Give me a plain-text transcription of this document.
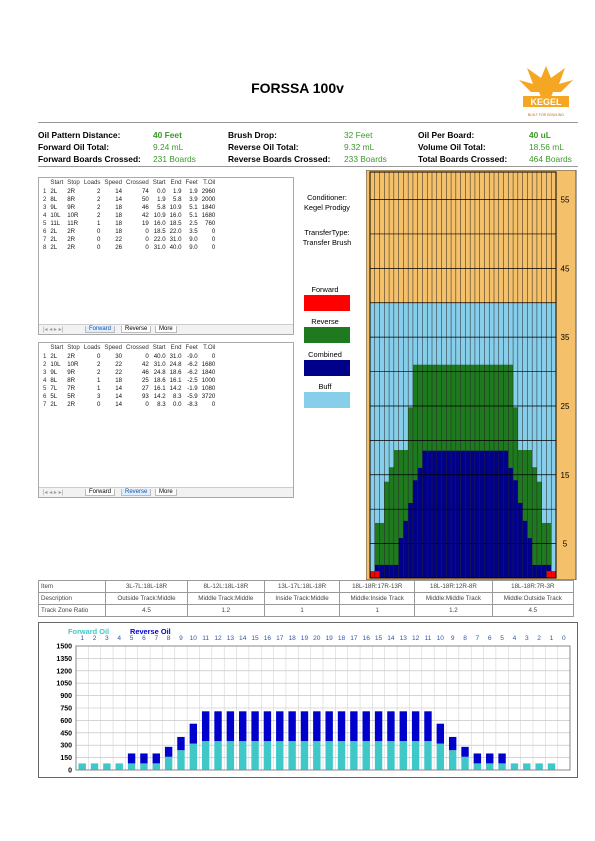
FORSSA 100v
KEGEL
BUILT FOR BOWLING
Oil Pattern Distance:	40 Feet	Brush Drop:	32 Feet	Oil Per Board:	40 uL
Forward Oil Total:	9.24 mL	Reverse Oil Total:	9.32 mL	Volume Oil Total:	18.56 mL
Forward Boards Crossed: 231 Boards	Reverse Boards Crossed: 233 Boards	Total Boards Crossed:	464 Boards
	Start	Stop	Loads	Speed	Crossed	Start	End	Feet	T.Oil
1	2L	2R	2	14	74	0.0	1.9	1.9	2960
2	8L	8R	2	14	50	1.9	5.8	3.9	2000
3	9L	9R	2	18	46	5.8	10.9	5.1	1840
4	10L	10R	2	18	42	10.9	16.0	5.1	1680
5	11L	11R	1	18	19	16.0	18.5	2.5	760
6	2L	2R	0	18	0	18.5	22.0	3.5	0
7	2L	2R	0	22	0	22.0	31.0	9.0	0
8	2L	2R	0	26	0	31.0	40.0	9.0	0
|◂ ◂ ▸ ▸|	Forward	Reverse	More
	Start	Stop	Loads	Speed	Crossed	Start	End	Feet	T.Oil
1	2L	2R	0	30	0	40.0	31.0	-9.0	0
2	10L	10R	2	22	42	31.0	24.8	-6.2	1680
3	9L	9R	2	22	46	24.8	18.6	-6.2	1840
4	8L	8R	1	18	25	18.6	16.1	-2.5	1000
5	7L	7R	1	14	27	16.1	14.2	-1.9	1080
6	5L	5R	3	14	93	14.2	8.3	-5.9	3720
7	2L	2R	0	14	0	8.3	0.0	-8.3	0
|◂ ◂ ▸ ▸|	Forward	Reverse	More
Conditioner:
Kegel Prodigy
TransferType:
Transfer Brush
Forward
Reverse
Combined
Buff
55
45
35
25
15
5
Item	3L-7L:18L-18R	8L-12L:18L-18R	13L-17L:18L-18R	18L-18R:17R-13R	18L-18R:12R-8R	18L-18R:7R-3R
Description	Outside Track:Middle	Middle Track:Middle	Inside Track:Middle	Middle:Inside Track	Middle:Middle Track	Middle:Outside Track
Track Zone Ratio	4.5	1.2	1	1	1.2	4.5
1500
1350
1200
1050
900
750
600
450
300
150
0
1 2 3 4 5 6 7 8 9 10 11 12 13 14 15 16 17 18 19 20 19 18 17 16 15 14 13 12 11 10 9 8 7 6 5 4 3 2 1 0
Forward Oil	Reverse Oil
